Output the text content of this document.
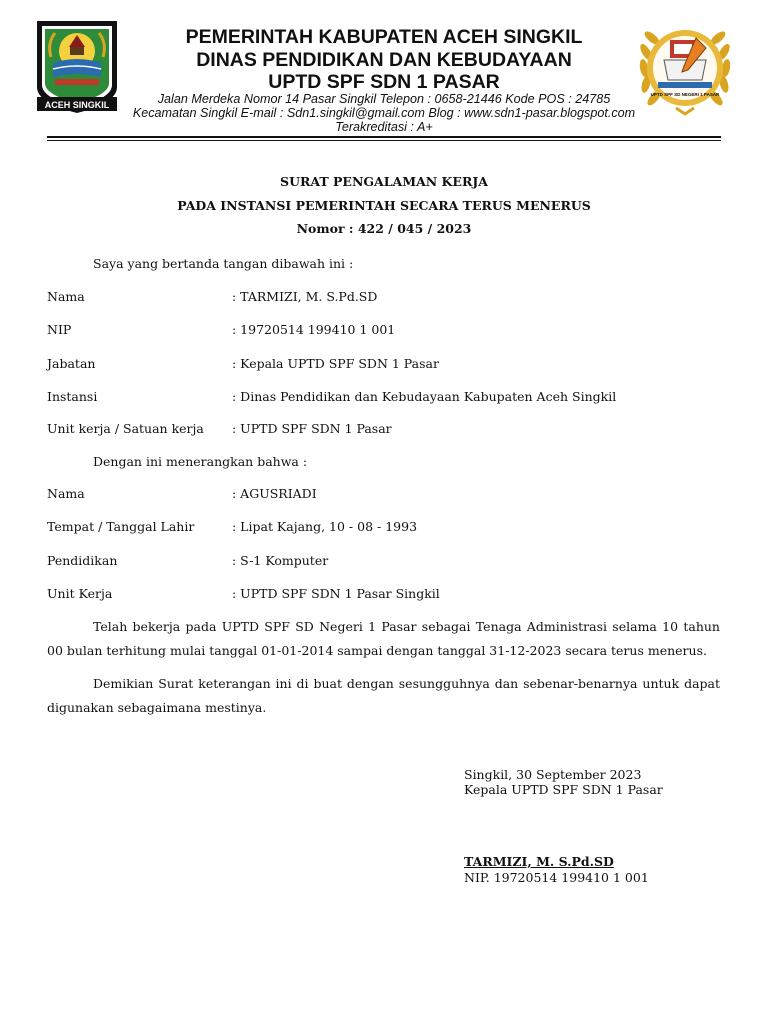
ACEH SINGKIL
UPTD SPF SD NEGERI 1 PASAR
PEMERINTAH KABUPATEN ACEH SINGKIL
DINAS PENDIDIKAN DAN KEBUDAYAAN
UPTD SPF SDN 1 PASAR
Jalan Merdeka Nomor 14 Pasar Singkil Telepon : 0658-21446 Kode POS : 24785
Kecamatan Singkil E-mail : Sdn1.singkil@gmail.com Blog : www.sdn1-pasar.blogspot.com
Terakreditasi : A+
SURAT PENGALAMAN KERJA
PADA INSTANSI PEMERINTAH SECARA TERUS MENERUS
Nomor : 422 / 045 / 2023
Saya yang bertanda tangan dibawah ini :
Nama	: TARMIZI, M. S.Pd.SD
NIP	: 19720514 199410 1 001
Jabatan	: Kepala UPTD SPF SDN 1 Pasar
Instansi	: Dinas Pendidikan dan Kebudayaan Kabupaten Aceh Singkil
Unit kerja / Satuan kerja : UPTD SPF SDN 1 Pasar
Dengan ini menerangkan bahwa :
Nama	: AGUSRIADI
Tempat / Tanggal Lahir	: Lipat Kajang, 10 - 08 - 1993
Pendidikan	: S-1 Komputer
Unit Kerja	: UPTD SPF SDN 1 Pasar Singkil
Telah bekerja pada UPTD SPF SD Negeri 1 Pasar sebagai Tenaga Administrasi selama 10 tahun 00 bulan terhitung mulai tanggal 01-01-2014 sampai dengan tanggal 31-12-2023 secara terus menerus.
Demikian Surat keterangan ini di buat dengan sesungguhnya dan sebenar-benarnya untuk dapat digunakan sebagaimana mestinya.
Singkil, 30 September 2023
Kepala UPTD SPF SDN 1 Pasar
TARMIZI, M. S.Pd.SD
NIP. 19720514 199410 1 001
